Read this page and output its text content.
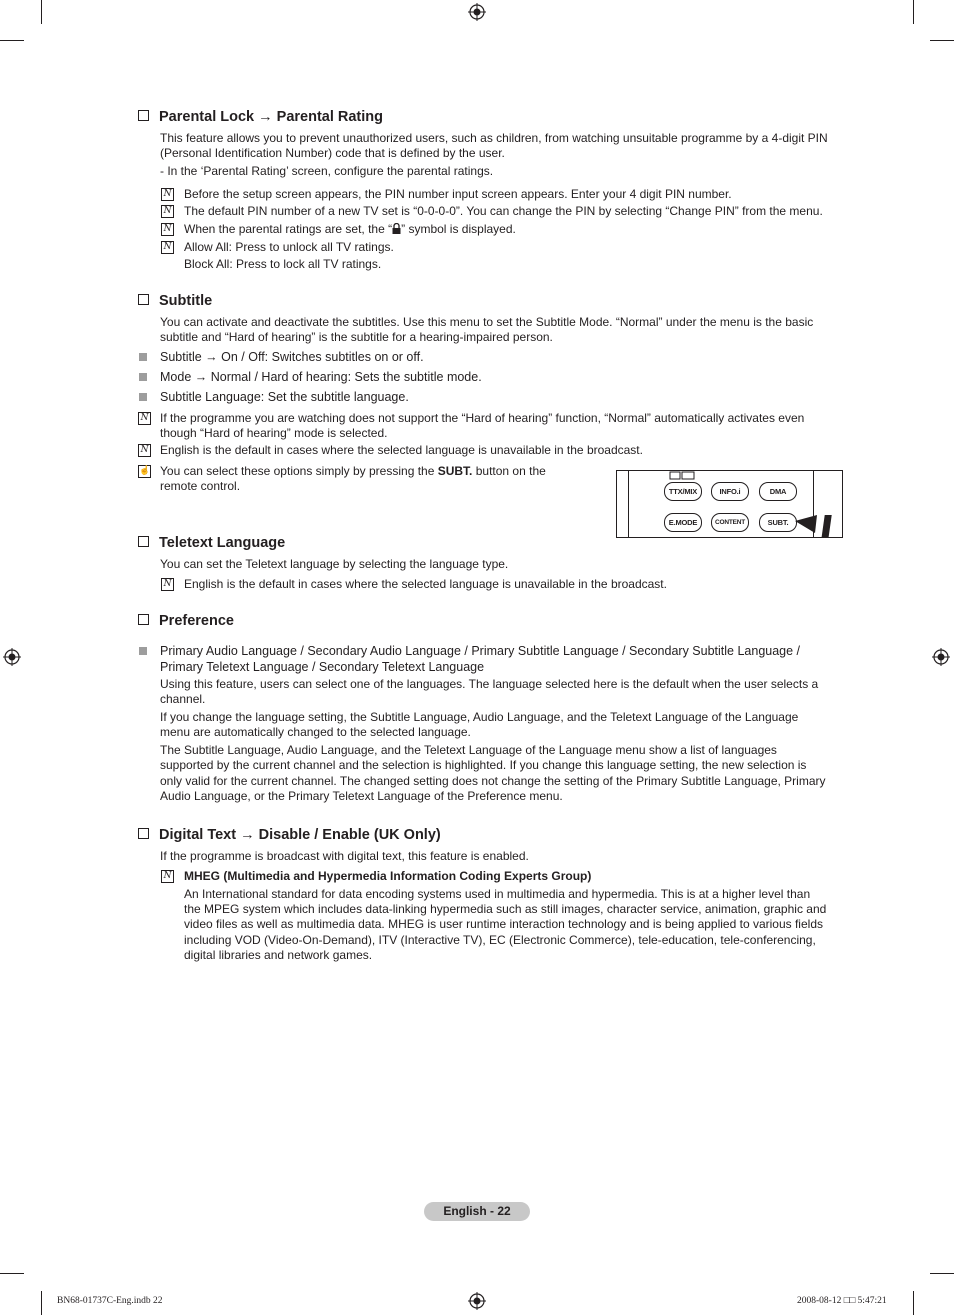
Parental Lock → Parental Rating
This feature allows you to prevent unauthorized users, such as children, from watching unsuitable programme by a 4-digit PIN
(Personal Identification Number) code that is defined by the user.
- In the ‘Parental Rating’ screen, configure the parental ratings.
N Before the setup screen appears, the PIN number input screen appears. Enter your 4 digit PIN number.
N The default PIN number of a new TV set is “0-0-0-0”. You can change the PIN by selecting “Change PIN” from the menu.
N When the parental ratings are set, the “ ” symbol is displayed.
N Allow All: Press to unlock all TV ratings.
Block All: Press to lock all TV ratings.
Subtitle
You can activate and deactivate the subtitles. Use this menu to set the Subtitle Mode. “Normal” under the menu is the basic
subtitle and “Hard of hearing” is the subtitle for a hearing-impaired person.
Subtitle → On / Off: Switches subtitles on or off.
Mode → Normal / Hard of hearing: Sets the subtitle mode.
Subtitle Language: Set the subtitle language.
N If the programme you are watching does not support the “Hard of hearing” function, “Normal” automatically activates even
though “Hard of hearing” mode is selected.
N English is the default in cases where the selected language is unavailable in the broadcast.
☝ You can select these options simply by pressing the SUBT. button on the
remote control.	TTX/MIX	INFO.i	DMA
E.MODE	CONTENT	SUBT.
Teletext Language
You can set the Teletext language by selecting the language type.
N English is the default in cases where the selected language is unavailable in the broadcast.
Preference
Primary Audio Language / Secondary Audio Language / Primary Subtitle Language / Secondary Subtitle Language /
Primary Teletext Language / Secondary Teletext Language
Using this feature, users can select one of the languages. The language selected here is the default when the user selects a
channel.
If you change the language setting, the Subtitle Language, Audio Language, and the Teletext Language of the Language
menu are automatically changed to the selected language.
The Subtitle Language, Audio Language, and the Teletext Language of the Language menu show a list of languages
supported by the current channel and the selection is highlighted. If you change this language setting, the new selection is
only valid for the current channel. The changed setting does not change the setting of the Primary Subtitle Language, Primary
Audio Language, or the Primary Teletext Language of the Preference menu.
Digital Text → Disable / Enable (UK Only)
If the programme is broadcast with digital text, this feature is enabled.
N MHEG (Multimedia and Hypermedia Information Coding Experts Group)
An International standard for data encoding systems used in multimedia and hypermedia. This is at a higher level than
the MPEG system which includes data-linking hypermedia such as still images, character service, animation, graphic and
video files as well as multimedia data. MHEG is user runtime interaction technology and is being applied to various fields
including VOD (Video-On-Demand), ITV (Interactive TV), EC (Electronic Commerce), tele-education, tele-conferencing,
digital libraries and network games.
English - 22
BN68-01737C-Eng.indb 22	2008-08-12 □□ 5:47:21
